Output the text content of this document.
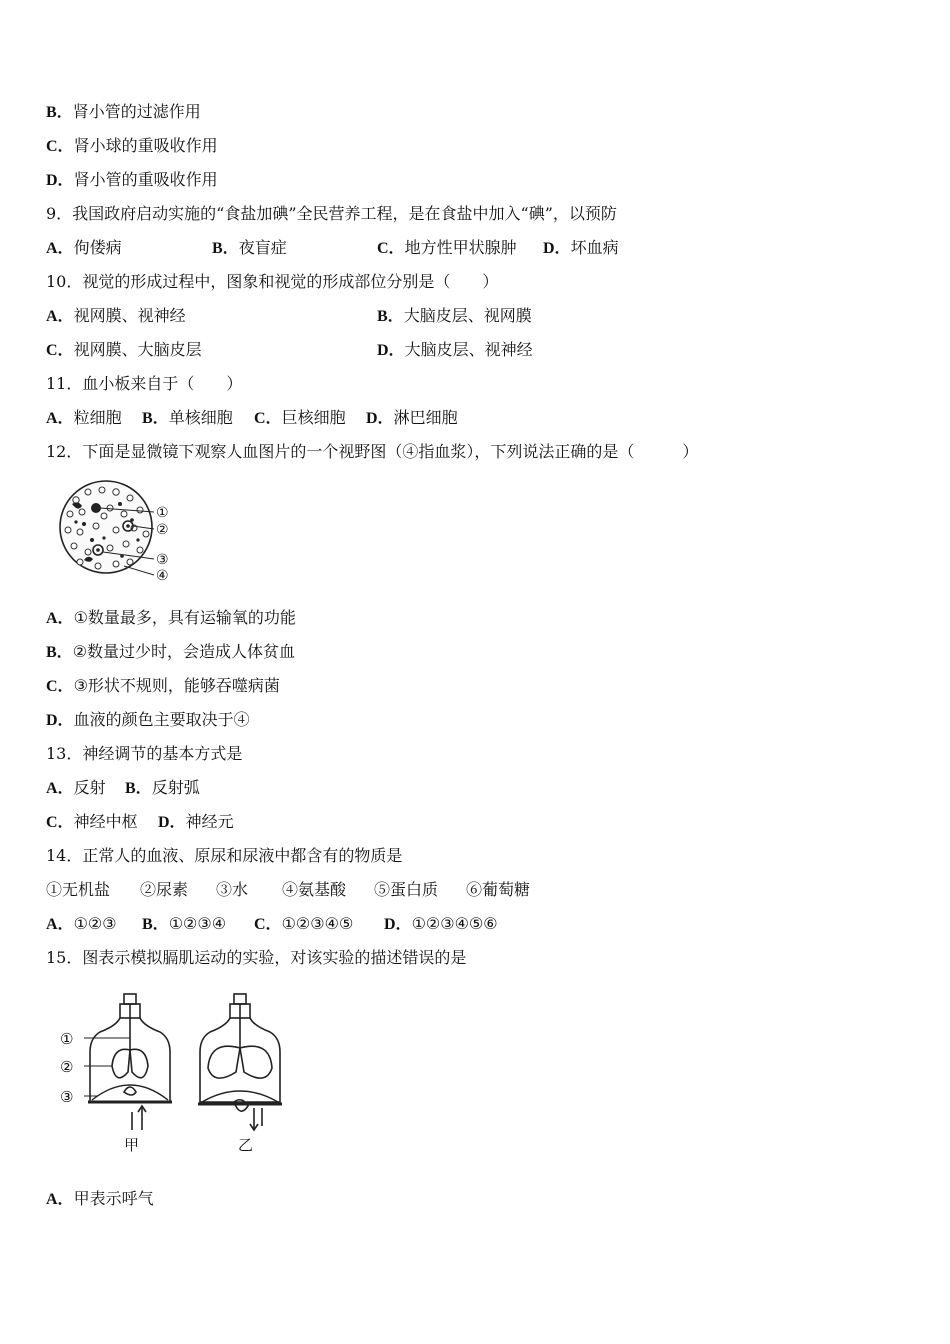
B．肾小管的过滤作用
C．肾小球的重吸收作用
D．肾小管的重吸收作用
9．我国政府启动实施的“食盐加碘”全民营养工程，是在食盐中加入“碘”，以预防
A．佝偻病	B．夜盲症	C．地方性甲状腺肿 D．坏血病
10．视觉的形成过程中，图象和视觉的形成部位分别是（　　）
A．视网膜、视神经	B．大脑皮层、视网膜
C．视网膜、大脑皮层	D．大脑皮层、视神经
11．血小板来自于（　　）
A．粒细胞 B．单核细胞 C．巨核细胞 D．淋巴细胞
12．下面是显微镜下观察人血图片的一个视野图（④指血浆），下列说法正确的是（　　　）
①
②
③
④
A．①数量最多，具有运输氧的功能
B．②数量过少时，会造成人体贫血
C．③形状不规则，能够吞噬病菌
D．血液的颜色主要取决于④
13．神经调节的基本方式是
A．反射 B．反射弧
C．神经中枢 D．神经元
14．正常人的血液、原尿和尿液中都含有的物质是
①无机盐 ②尿素 ③水 ④氨基酸 ⑤蛋白质 ⑥葡萄糖
A．①②③ B．①②③④ C．①②③④⑤ D．①②③④⑤⑥
15．图表示模拟膈肌运动的实验，对该实验的描述错误的是
①
②
③
甲	乙
A．甲表示呼气
